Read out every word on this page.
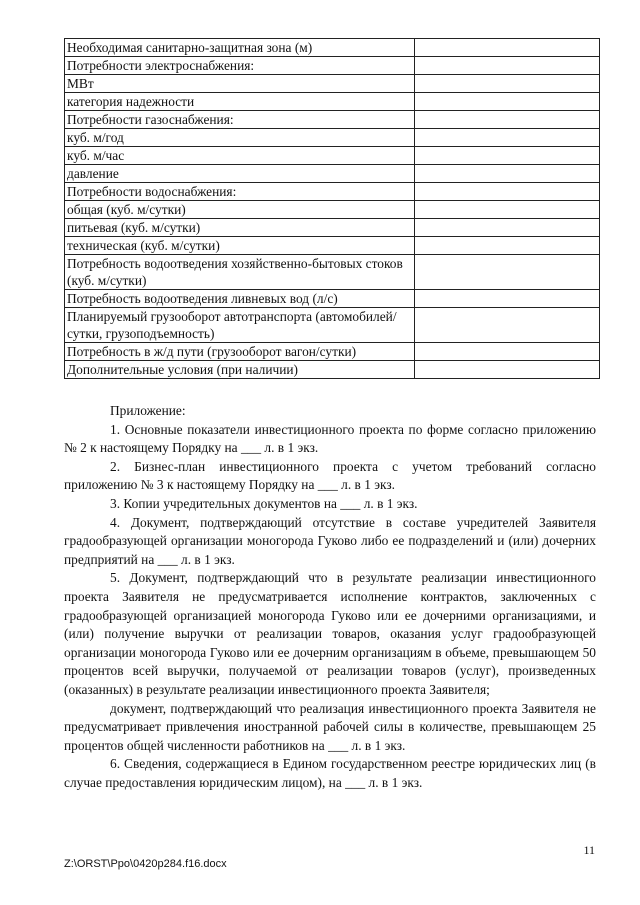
Необходимая санитарно-защитная зона (м)	
Потребности электроснабжения:	
МВт	
категория надежности	
Потребности газоснабжения:	
куб. м/год	
куб. м/час	
давление	
Потребности водоснабжения:	
общая (куб. м/сутки)	
питьевая (куб. м/сутки)	
техническая (куб. м/сутки)	
Потребность водоотведения хозяйственно-бытовых стоков (куб. м/сутки)	
Потребность водоотведения ливневых вод (л/с)	
Планируемый грузооборот автотранспорта (автомобилей/сутки, грузоподъемность)	
Потребность в ж/д пути (грузооборот вагон/сутки)	
Дополнительные условия (при наличии)	

Приложение:

1. Основные показатели инвестиционного проекта по форме согласно приложению № 2 к настоящему Порядку на ___ л. в 1 экз.

2. Бизнес-план инвестиционного проекта с учетом требований согласно приложению № 3 к настоящему Порядку на ___ л. в 1 экз.

3. Копии учредительных документов на ___ л. в 1 экз.

4. Документ, подтверждающий отсутствие в составе учредителей Заявителя градообразующей организации моногорода Гуково либо ее подразделений и (или) дочерних предприятий на ___ л. в 1 экз.

5. Документ, подтверждающий что в результате реализации инвестиционного проекта Заявителя не предусматривается исполнение контрактов, заключенных с градообразующей организацией моногорода Гуково или ее дочерними организациями, и (или) получение выручки от реализации товаров, оказания услуг градообразующей организации моногорода Гуково или ее дочерним организациям в объеме, превышающем 50 процентов всей выручки, получаемой от реализации товаров (услуг), произведенных (оказанных) в результате реализации инвестиционного проекта Заявителя;

документ, подтверждающий что реализация инвестиционного проекта Заявителя не предусматривает привлечения иностранной рабочей силы в количестве, превышающем 25 процентов общей численности работников на ___ л. в 1 экз.

6. Сведения, содержащиеся в Едином государственном реестре юридических лиц (в случае предоставления юридическим лицом), на ___ л. в 1 экз.

11
Z:\ORST\Ppo\0420p284.f16.docx
